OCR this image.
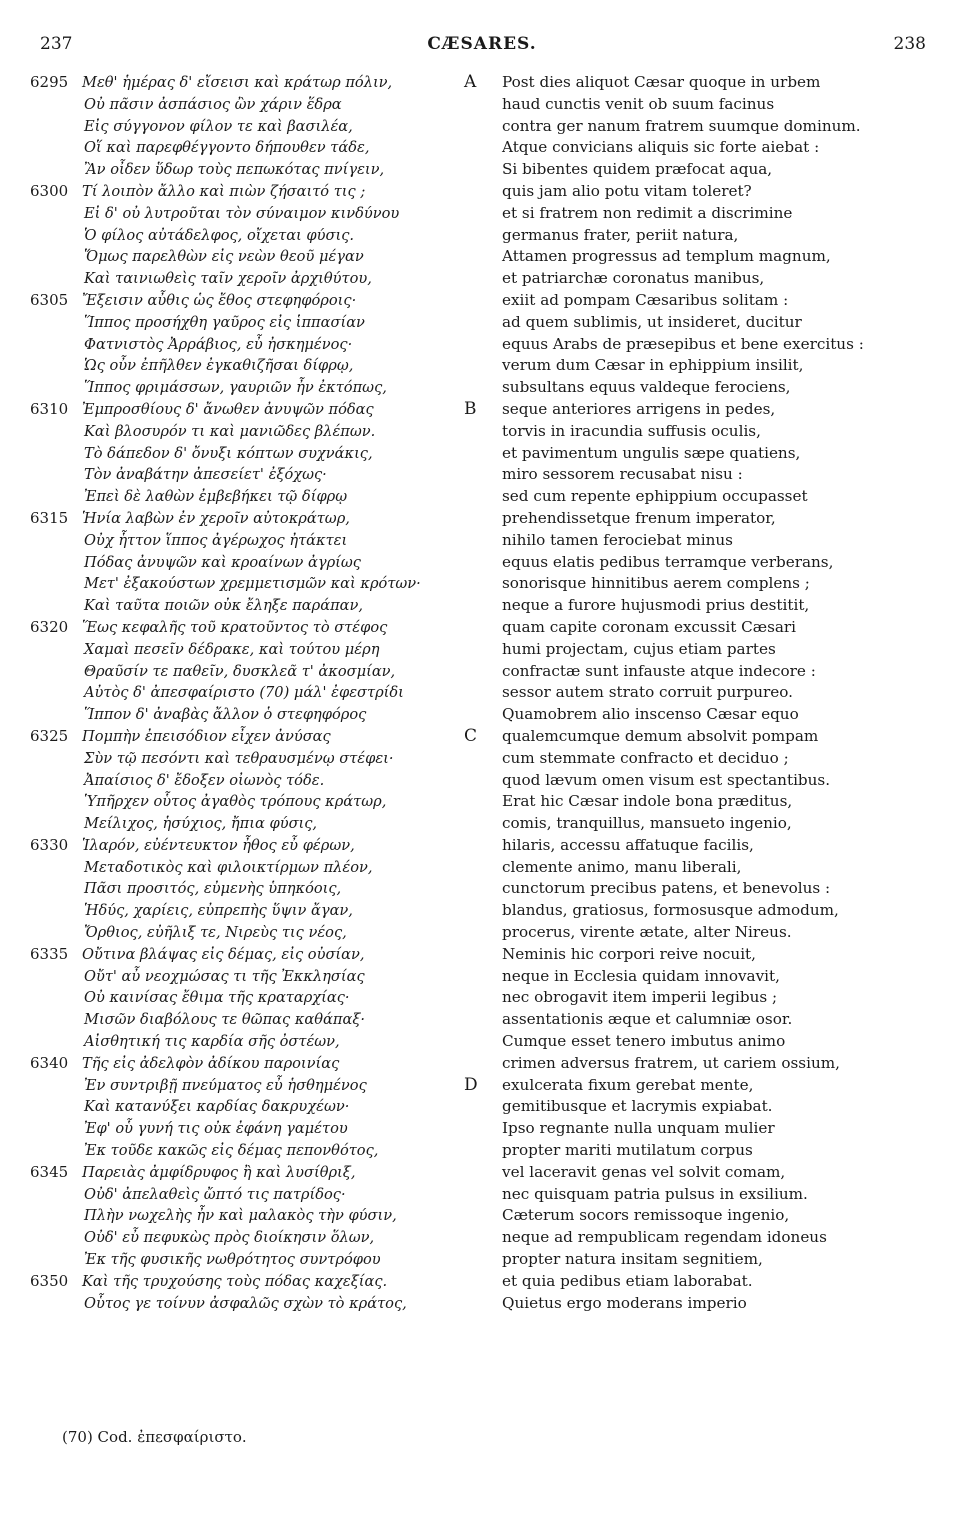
237	CÆSARES.	238
6295 Μεθ' ἡμέρας δ' εἴσεισι καὶ κράτωρ πόλιν,
Οὐ πᾶσιν ἀσπάσιος ὢν χάριν ἕδρα
Εἰς σύγγονον φίλον τε καὶ βασιλέα,
Οἵ καὶ παρεφθέγγοντο δήπουθεν τάδε,
Ἂν οἶδεν ὕδωρ τοὺς πεπωκότας πνίγειν,
6300 Τί λοιπὸν ἄλλο καὶ πιὼν ζήσαιτό τις ;
Εἰ δ' οὐ λυτροῦται τὸν σύναιμον κινδύνου
Ὁ φίλος αὐτάδελφος, οἴχεται φύσις.
Ὅμως παρελθὼν εἰς νεὼν θεοῦ μέγαν
Καὶ ταινιωθεὶς ταῖν χεροῖν ἀρχιθύτου,
6305 Ἔξεισιν αὖθις ὡς ἔθος στεφηφόροις·
Ἵππος προσήχθη γαῦρος εἰς ἱππασίαν
Φατνιστὸς Ἀρράβιος, εὖ ἠσκημένος·
Ὡς οὖν ἐπῆλθεν ἐγκαθιζῆσαι δίφρῳ,
Ἵππος φριμάσσων, γαυριῶν ἦν ἐκτόπως,
6310 Ἐμπροσθίους δ' ἄνωθεν ἀνυψῶν πόδας
Καὶ βλοσυρόν τι καὶ μανιῶδες βλέπων.
Τὸ δάπεδον δ' ὄνυξι κόπτων συχνάκις,
Τὸν ἀναβάτην ἀπεσείετ' ἐξόχως·
Ἐπεὶ δὲ λαθὼν ἐμβεβήκει τῷ δίφρῳ
6315 Ἡνία λαβὼν ἐν χεροῖν αὐτοκράτωρ,
Οὐχ ἧττον ἵππος ἀγέρωχος ἠτάκτει
Πόδας ἀνυψῶν καὶ κροαίνων ἀγρίως
Μετ' ἐξακούστων χρεμμετισμῶν καὶ κρότων·
Καὶ ταῦτα ποιῶν οὐκ ἔληξε παράπαν,
6320 Ἕως κεφαλῆς τοῦ κρατοῦντος τὸ στέφος
Χαμαὶ πεσεῖν δέδρακε, καὶ τούτου μέρη
Θραῦσίν τε παθεῖν, δυσκλεᾶ τ' ἀκοσμίαν,
Αὐτὸς δ' ἀπεσφαίριστο (70) μάλ' ἐφεστρίδι
Ἵππον δ' ἀναβὰς ἄλλον ὁ στεφηφόρος
6325 Πομπὴν ἐπεισόδιον εἶχεν ἀνύσας
Σὺν τῷ πεσόντι καὶ τεθραυσμένῳ στέφει·
Ἀπαίσιος δ' ἔδοξεν οἰωνὸς τόδε.
Ὑπῆρχεν οὗτος ἀγαθὸς τρόπους κράτωρ,
Μείλιχος, ἡσύχιος, ἤπια φύσις,
6330 Ἱλαρόν, εὐέντευκτον ἦθος εὖ φέρων,
Μεταδοτικὸς καὶ φιλοικτίρμων πλέον,
Πᾶσι προσιτός, εὐμενὴς ὑπηκόοις,
Ἡδύς, χαρίεις, εὐπρεπὴς ὕψιν ἄγαν,
Ὄρθιος, εὐῆλιξ τε, Νιρεὺς τις νέος,
6335 Οὔτινα βλάψας εἰς δέμας, εἰς οὐσίαν,
Οὔτ' αὖ νεοχμώσας τι τῆς Ἐκκλησίας
Οὐ καινίσας ἔθιμα τῆς κραταρχίας·
Μισῶν διαβόλους τε θῶπας καθάπαξ·
Αἰσθητική τις καρδία σῆς ὀστέων,
6340 Τῆς εἰς ἀδελφὸν ἀδίκου παροινίας
Ἐν συντριβῇ πνεύματος εὖ ἡσθημένος
Καὶ κατανύξει καρδίας δακρυχέων·
Ἐφ' οὗ γυνή τις οὐκ ἐφάνη γαμέτου
Ἐκ τοῦδε κακῶς εἰς δέμας πεπονθότος,
6345 Παρειὰς ἀμφίδρυφος ἢ καὶ λυσίθριξ,
Οὐδ' ἀπελαθεὶς ὤπτό τις πατρίδος·
Πλὴν νωχελὴς ἦν καὶ μαλακὸς τὴν φύσιν,
Οὐδ' εὖ πεφυκὼς πρὸς διοίκησιν ὅλων,
Ἐκ τῆς φυσικῆς νωθρότητος συντρόφου
6350 Καὶ τῆς τρυχούσης τοὺς πόδας καχεξίας.
Οὗτος γε τοίνυν ἀσφαλῶς σχὼν τὸ κράτος,
A Post dies aliquot Cæsar quoque in urbem
haud cunctis venit ob suum facinus
contra ger nanum fratrem suumque dominum.
Atque convicians aliquis sic forte aiebat :
Si bibentes quidem præfocat aqua,
quis jam alio potu vitam toleret?
et si fratrem non redimit a discrimine
germanus frater, periit natura,
Attamen progressus ad templum magnum,
et patriarchæ coronatus manibus,
exiit ad pompam Cæsaribus solitam :
ad quem sublimis, ut insideret, ducitur
equus Arabs de præsepibus et bene exercitus :
verum dum Cæsar in ephippium insilit,
subsultans equus valdeque ferociens,
B seque anteriores arrigens in pedes,
torvis in iracundia suffusis oculis,
et pavimentum ungulis sæpe quatiens,
miro sessorem recusabat nisu :
sed cum repente ephippium occupasset
prehendissetque frenum imperator,
nihilo tamen ferociebat minus
equus elatis pedibus terramque verberans,
sonorisque hinnitibus aerem complens ;
neque a furore hujusmodi prius destitit,
quam capite coronam excussit Cæsari
humi projectam, cujus etiam partes
confractæ sunt infauste atque indecore :
sessor autem strato corruit purpureo.
Quamobrem alio inscenso Cæsar equo
C qualemcumque demum absolvit pompam
cum stemmate confracto et deciduo ;
quod lævum omen visum est spectantibus.
Erat hic Cæsar indole bona præditus,
comis, tranquillus, mansueto ingenio,
hilaris, accessu affatuque facilis,
clemente animo, manu liberali,
cunctorum precibus patens, et benevolus :
blandus, gratiosus, formosusque admodum,
procerus, virente ætate, alter Nireus.
Neminis hic corpori reive nocuit,
neque in Ecclesia quidam innovavit,
nec obrogavit item imperii legibus ;
assentationis æque et calumniæ osor.
Cumque esset tenero imbutus animo
crimen adversus fratrem, ut cariem ossium,
D exulcerata fixum gerebat mente,
gemitibusque et lacrymis expiabat.
Ipso regnante nulla unquam mulier
propter mariti mutilatum corpus
vel laceravit genas vel solvit comam,
nec quisquam patria pulsus in exsilium.
Cæterum socors remissoque ingenio,
neque ad rempublicam regendam idoneus
propter natura insitam segnitiem,
et quia pedibus etiam laborabat.
Quietus ergo moderans imperio
(70) Cod. ἐπεσφαίριστο.
